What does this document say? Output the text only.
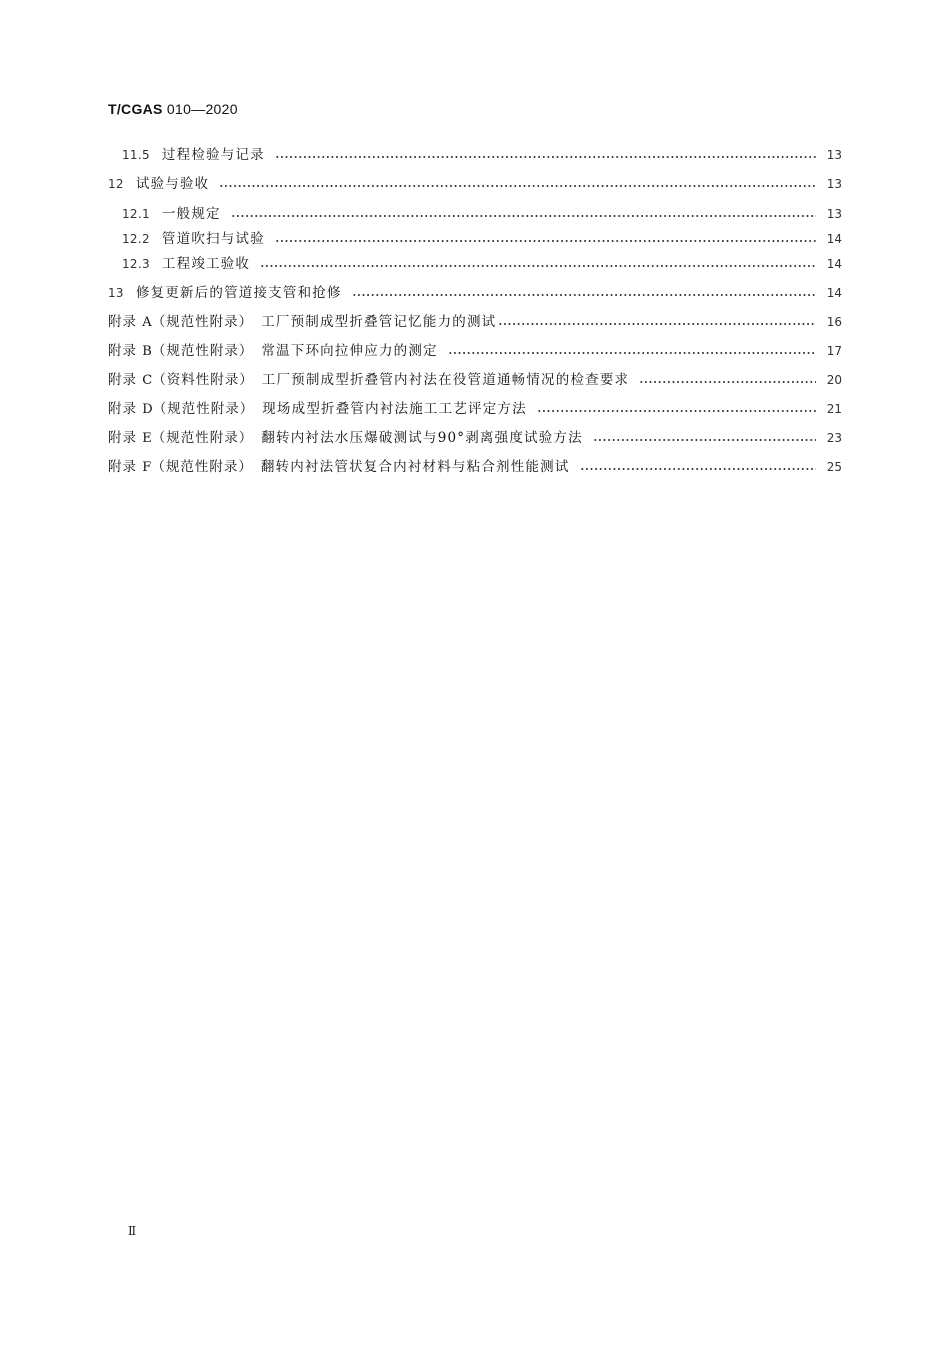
T/CGAS 010—2020
11.5 过程检验与记录	13
12 试验与验收	13
12.1 一般规定	13
12.2 管道吹扫与试验	14
12.3 工程竣工验收	14
13 修复更新后的管道接支管和抢修	14
附录 A（规范性附录） 工厂预制成型折叠管记忆能力的测试	16
附录 B（规范性附录） 常温下环向拉伸应力的测定	17
附录 C（资料性附录） 工厂预制成型折叠管内衬法在役管道通畅情况的检查要求	20
附录 D（规范性附录） 现场成型折叠管内衬法施工工艺评定方法	21
附录 E（规范性附录） 翻转内衬法水压爆破测试与90°剥离强度试验方法	23
附录 F（规范性附录） 翻转内衬法管状复合内衬材料与粘合剂性能测试	25
Ⅱ
